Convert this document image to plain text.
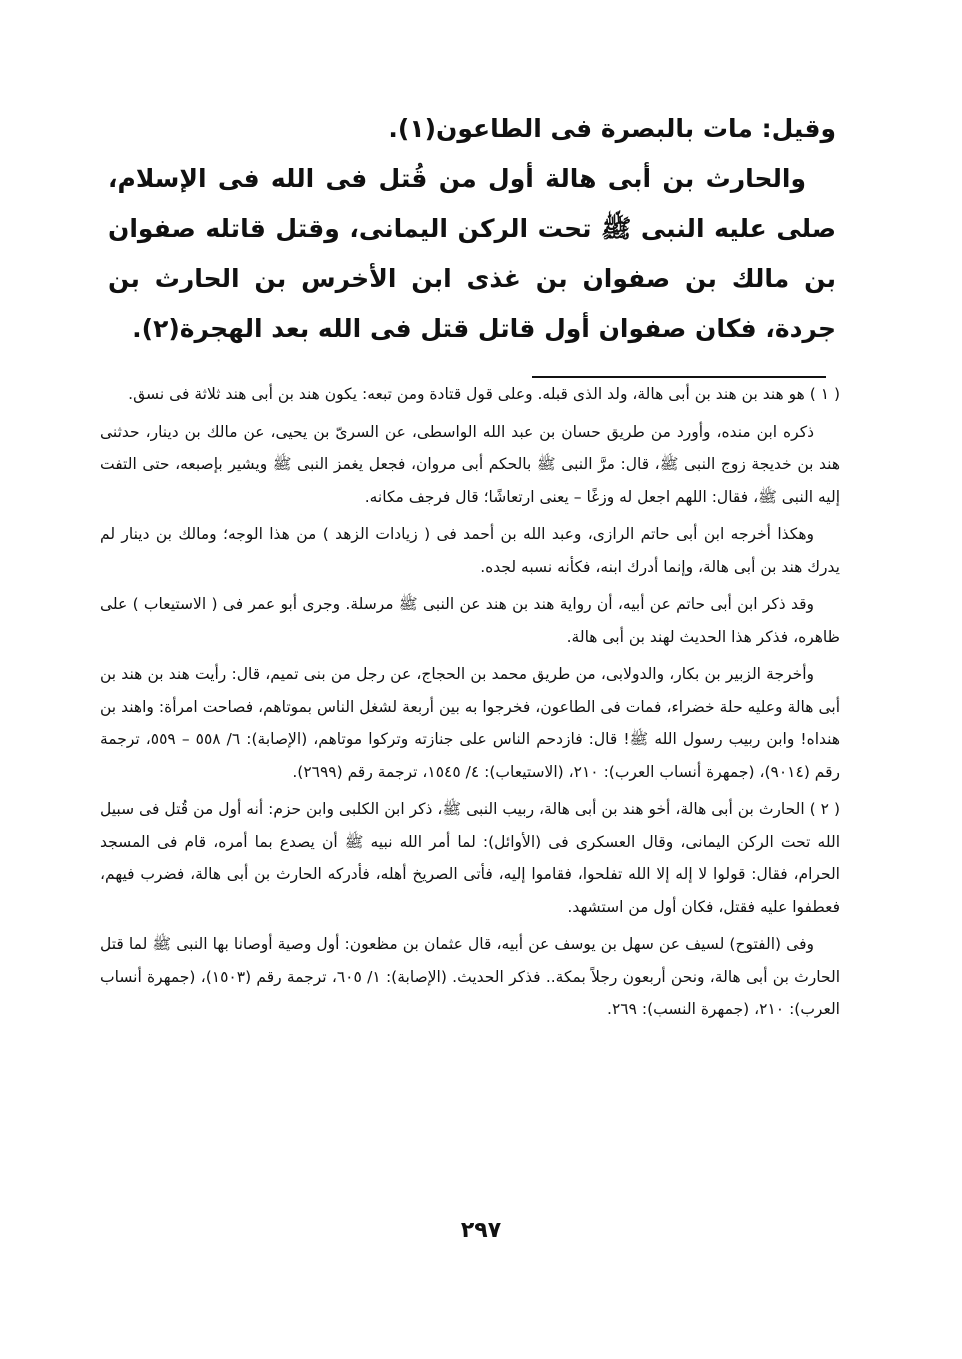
وقيل: مات بالبصرة فى الطاعون(١).

والحارث بن أبى هالة أول من قُتل فى الله فى الإسلام، صلى عليه النبى ﷺ تحت الركن اليمانى، وقتل قاتله صفوان بن مالك بن صفوان بن غذى ابن الأخرس بن الحارث بن جردة، فكان صفوان أول قاتل قتل فى الله بعد الهجرة(٢).

( ١ ) هو هند بن هند بن أبى هالة، ولد الذى قبله. وعلى قول قتادة ومن تبعه: يكون هند بن أبى هند ثلاثة فى نسق.

ذكره ابن منده، وأورد من طريق حسان بن عبد الله الواسطى، عن السرىّ بن يحيى، عن مالك بن دينار، حدثنى هند بن خديجة زوج النبى ﷺ، قال: مرَّ النبى ﷺ بالحكم أبى مروان، فجعل يغمز النبى ﷺ ويشير بإصبعه، حتى التفت إليه النبى ﷺ، فقال: اللهم اجعل له وزغًا – يعنى ارتعاشًا؛ قال فرجف مكانه.

وهكذا أخرجه ابن أبى حاتم الرازى، وعبد الله بن أحمد فى ( زيادات الزهد ) من هذا الوجه؛ ومالك بن دينار لم يدرك هند بن أبى هالة، وإنما أدرك ابنه، فكأنه نسبه لجده.

وقد ذكر ابن أبى حاتم عن أبيه، أن رواية هند بن هند عن النبى ﷺ مرسلة. وجرى أبو عمر فى ( الاستيعاب ) على ظاهره، فذكر هذا الحديث لهند بن أبى هالة.

وأخرجة الزبير بن بكار، والدولابى، من طريق محمد بن الحجاج، عن رجل من بنى تميم، قال: رأيت هند بن هند بن أبى هالة وعليه حلة خضراء، فمات فى الطاعون، فخرجوا به بين أربعة لشغل الناس بموتاهم، فصاحت امرأة: واهند بن هنداه! وابن ربيب رسول الله ﷺ! قال: فازدحم الناس على جنازته وتركوا موتاهم، (الإصابة): ٦/ ٥٥٨ – ٥٥٩، ترجمة رقم (٩٠١٤)، (جمهرة أنساب العرب): ٢١٠، (الاستيعاب): ٤/ ١٥٤٥، ترجمة رقم (٢٦٩٩).

( ٢ ) الحارث بن أبى هالة، أخو هند بن أبى هالة، ربيب النبى ﷺ، ذكر ابن الكلبى وابن حزم: أنه أول من قُتل فى سبيل الله تحت الركن اليمانى، وقال العسكرى فى (الأوائل): لما أمر الله نبيه ﷺ أن يصدع بما أمره، قام فى المسجد الحرام، فقال: قولوا لا إله إلا الله تفلحوا، فقاموا إليه، فأتى الصريخ أهله، فأدركه الحارث بن أبى هالة، فضرب فيهم، فعطفوا عليه فقتل، فكان أول من استشهد.

وفى (الفتوح) لسيف عن سهل بن يوسف عن أبيه، قال عثمان بن مظعون: أول وصية أوصانا بها النبى ﷺ لما قتل الحارث بن أبى هالة، ونحن أربعون رجلاً بمكة.. فذكر الحديث. (الإصابة): ١/ ٦٠٥، ترجمة رقم (١٥٠٣)، (جمهرة أنساب العرب): ٢١٠، (جمهرة النسب): ٢٦٩.

٢٩٧
